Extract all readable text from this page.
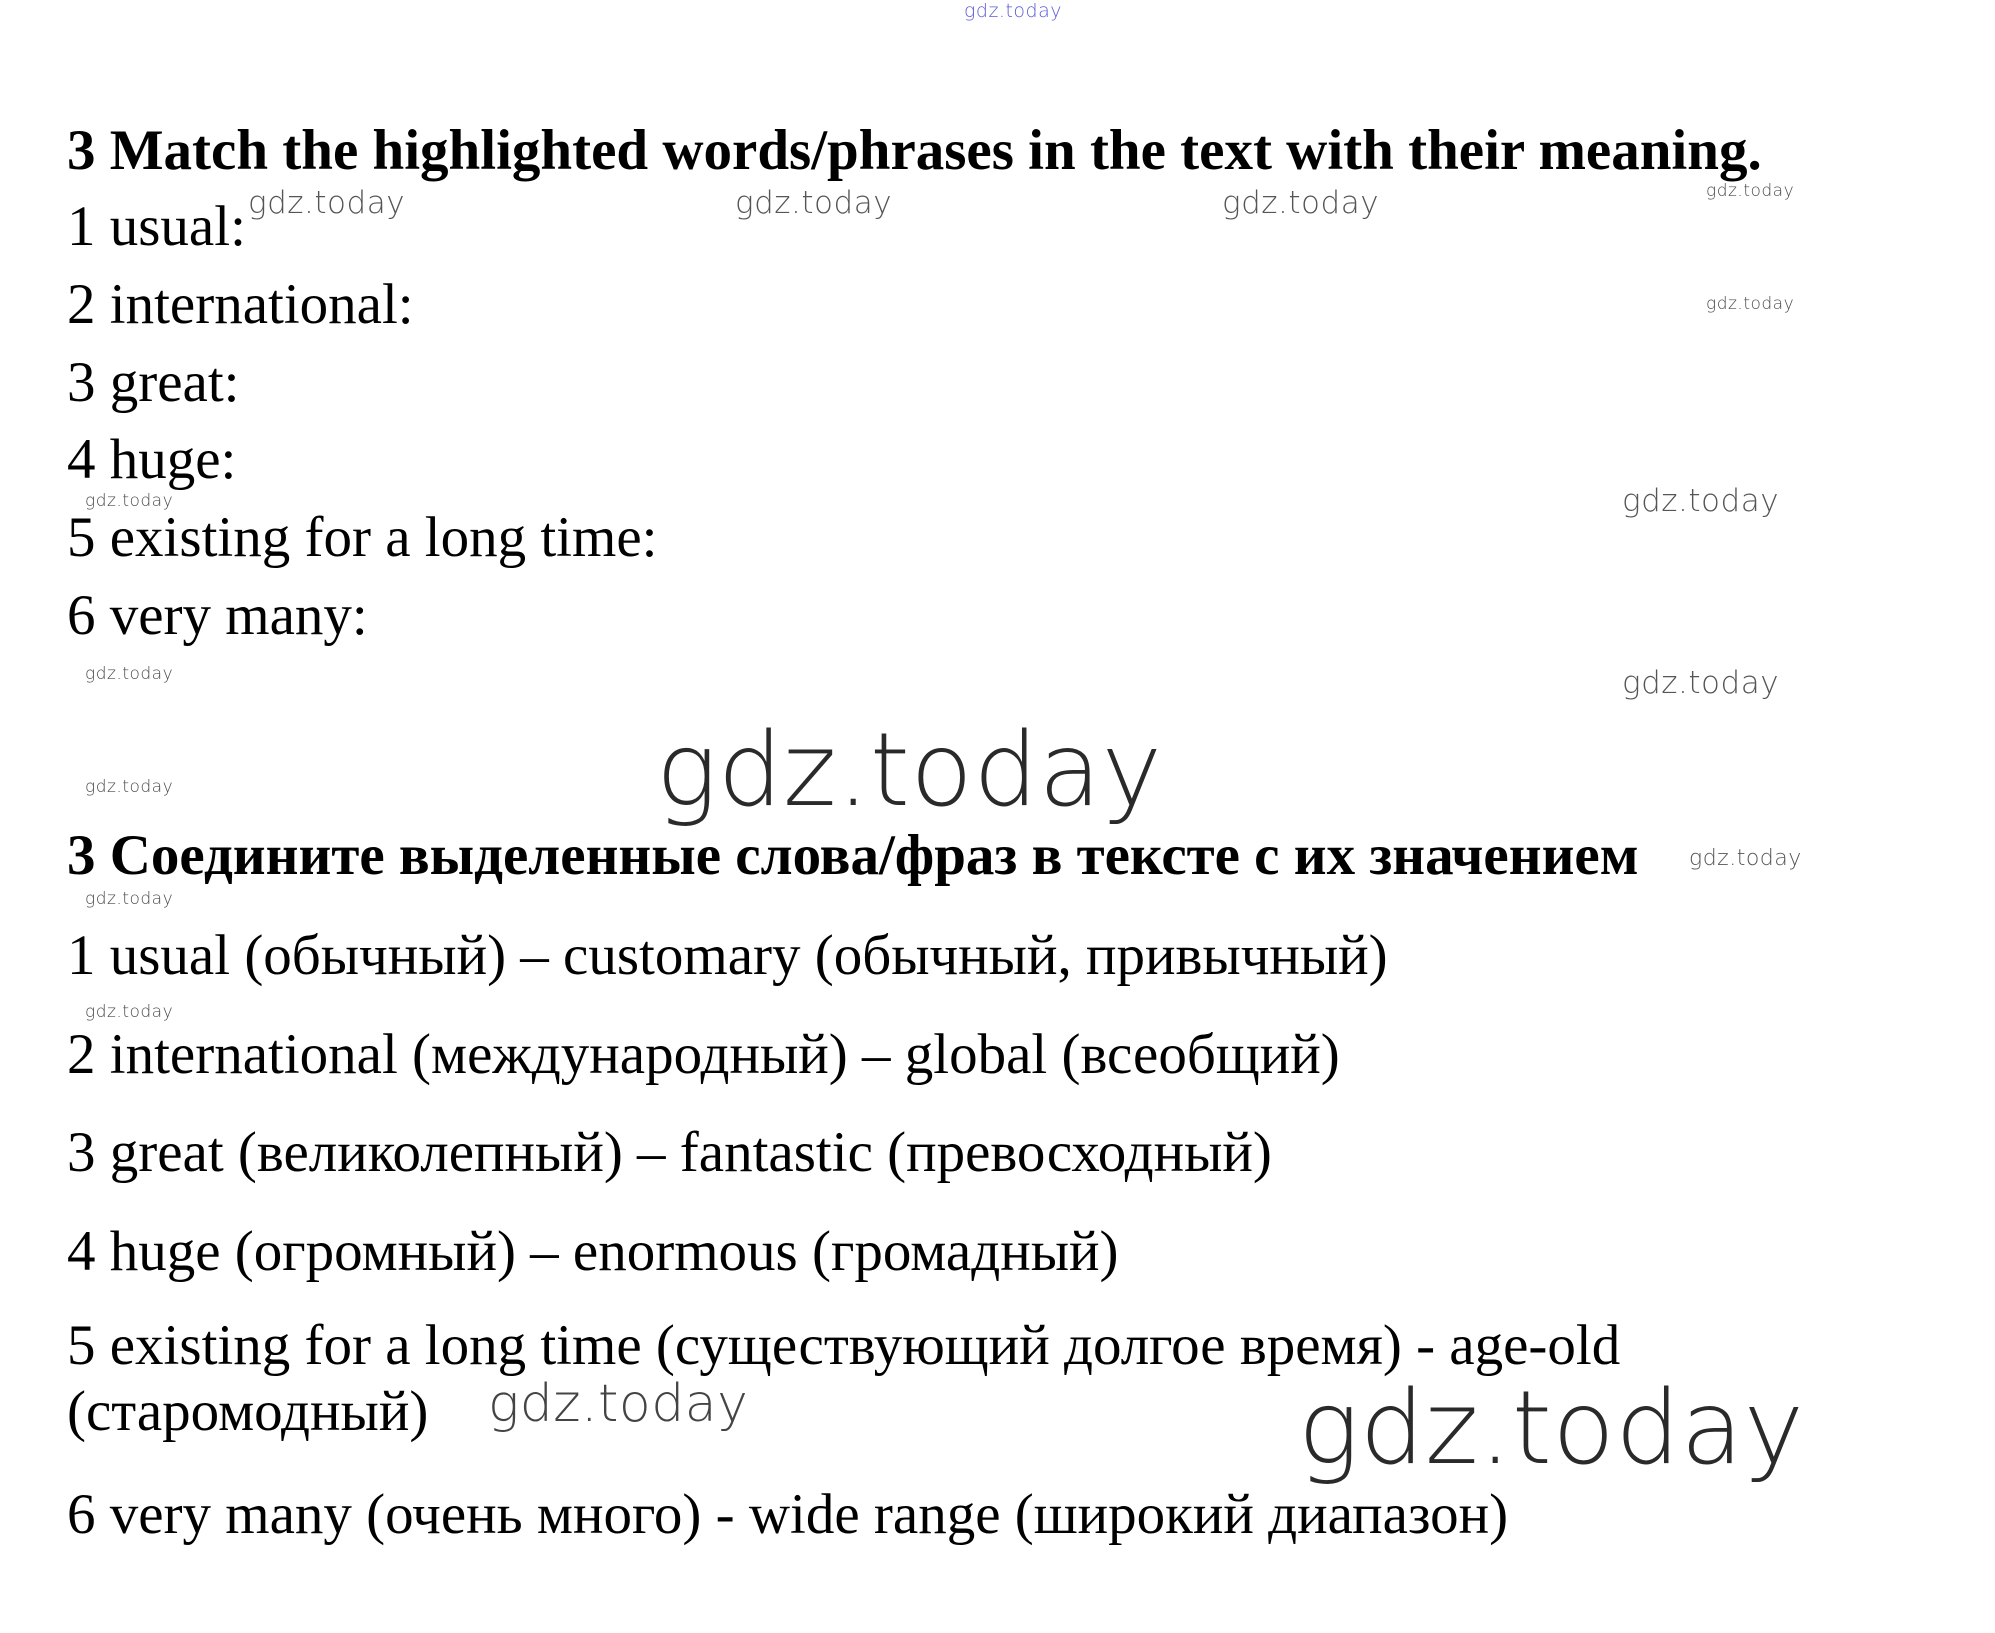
gdz.today
3 Match the highlighted words/phrases in the text with their meaning.

1 usual:

2 international:

3 great:

4 huge:

5 existing for a long time:

6 very many:

3 Соедините выделенные слова/фраз в тексте с их значением

1 usual (обычный) – customary (обычный, привычный)

2 international (международный) – global (всеобщий)

3 great (великолепный) – fantastic (превосходный)

4 huge (огромный) – enormous (громадный)

5 existing for a long time (существующий долгое время) - age-old (старомодный)

6 very many (очень много) - wide range (широкий диапазон)

gdz.today	gdz.today	gdz.today	gdz.today
gdz.today
gdz.today	gdz.today
gdz.today	gdz.today
gdz.today
gdz.today
gdz.today
gdz.today
gdz.today
gdz.today	gdz.today
